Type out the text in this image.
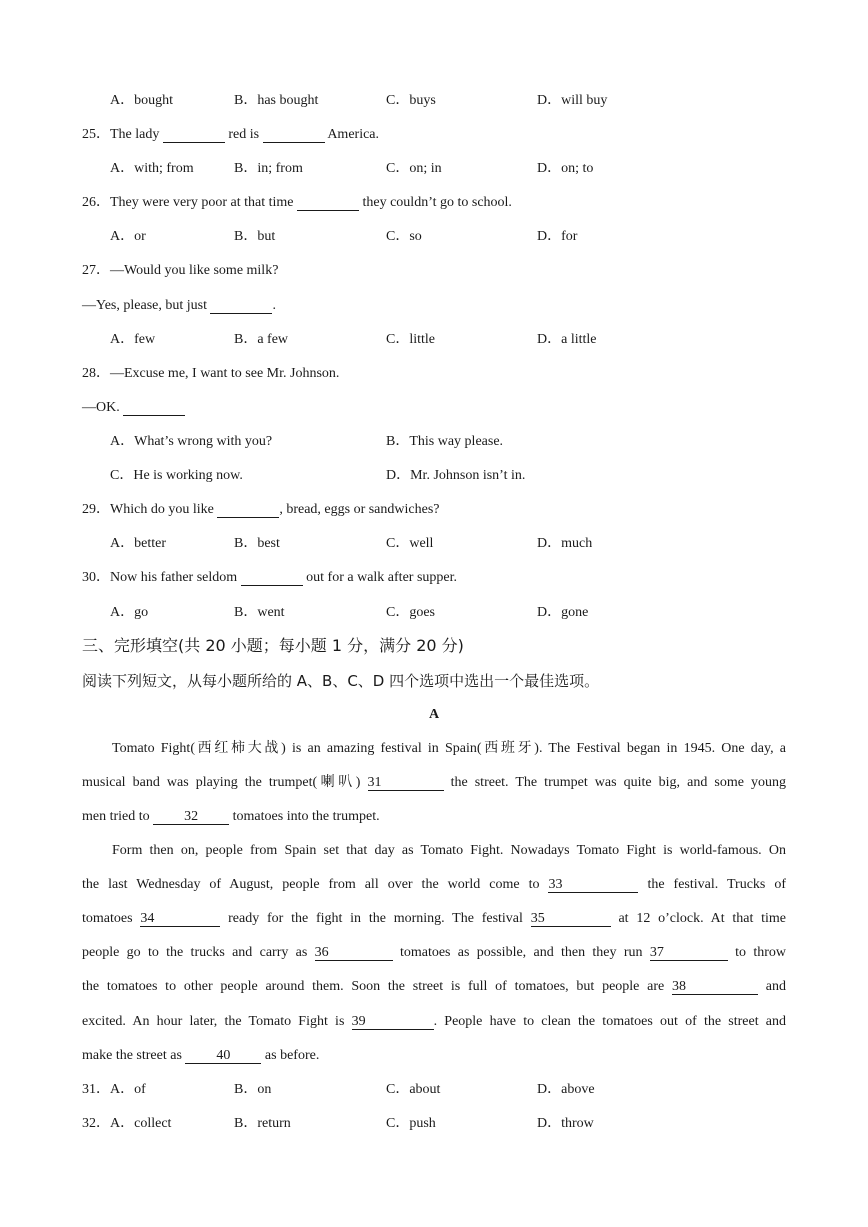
A．bought	B．has bought	C．buys	D．will buy
25．The lady	red is	America.
A．with; from	B．in; from	C．on; in	D．on; to
26．They were very poor at that time	they couldn’t go to school.
A．or	B．but	C．so	D．for
27．—Would you like some milk?
—Yes, please, but just	.
A．few	B．a few	C．little	D．a little
28．—Excuse me, I want to see Mr. Johnson.
—OK.
A．What’s wrong with you?	B．This way please.
C．He is working now.	D．Mr. Johnson isn’t in.
29．Which do you like	, bread, eggs or sandwiches?
A．better	B．best	C．well	D．much
30．Now his father seldom	out for a walk after supper.
A．go	B．went	C．goes	D．gone
三、完形填空(共 20 小题；每小题 1 分，满分 20 分)
阅读下列短文，从每小题所给的 A、B、C、D 四个选项中选出一个最佳选项。
A
Tomato Fight(西红柿大战) is an amazing festival in Spain(西班牙). The Festival began in 1945. One day, a
musical band was playing the trumpet(喇叭) 31	the street. The trumpet was quite big, and some young
men tried to 32 tomatoes into the trumpet.
Form then on, people from Spain set that day as Tomato Fight. Nowadays Tomato Fight is world-famous. On
the last Wednesday of August, people from all over the world come to 33	the festival. Trucks of
tomatoes 34	ready for the fight in the morning. The festival 35	at 12 o’clock. At that time
people go to the trucks and carry as 36	tomatoes as possible, and then they run 37	to throw
the tomatoes to other people around them. Soon the street is full of tomatoes, but people are 38	and
excited. An hour later, the Tomato Fight is 39	. People have to clean the tomatoes out of the street and
make the street as 40 as before.
31．A．of	B．on	C．about	D．above
32．A．collect	B．return	C．push	D．throw
